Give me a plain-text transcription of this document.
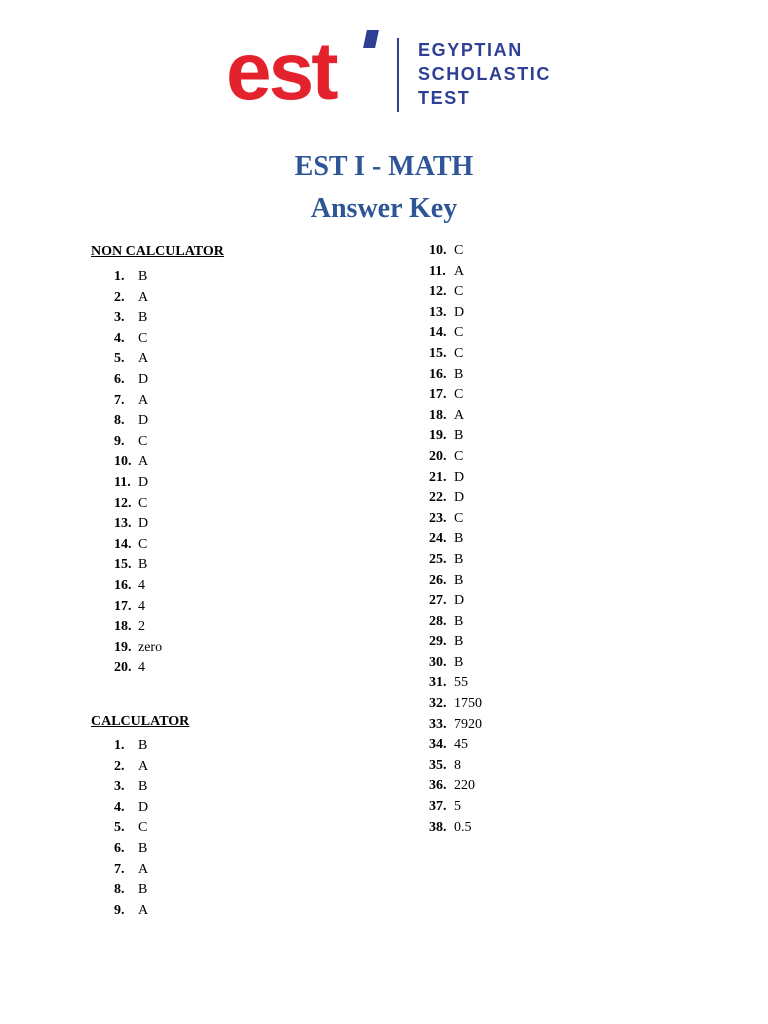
est	EGYPTIAN
SCHOLASTIC
TEST
EST I - MATH
Answer Key
NON CALCULATOR
1. B
2. A
3. B
4. C
5. A
6. D
7. A
8. D
9. C
10. A
11. D
12. C
13. D
14. C
15. B
16. 4
17. 4
18. 2
19. zero
20. 4
CALCULATOR
1. B
2. A
3. B
4. D
5. C
6. B
7. A
8. B
9. A
10. C
11. A
12. C
13. D
14. C
15. C
16. B
17. C
18. A
19. B
20. C
21. D
22. D
23. C
24. B
25. B
26. B
27. D
28. B
29. B
30. B
31. 55
32. 1750
33. 7920
34. 45
35. 8
36. 220
37. 5
38. 0.5
